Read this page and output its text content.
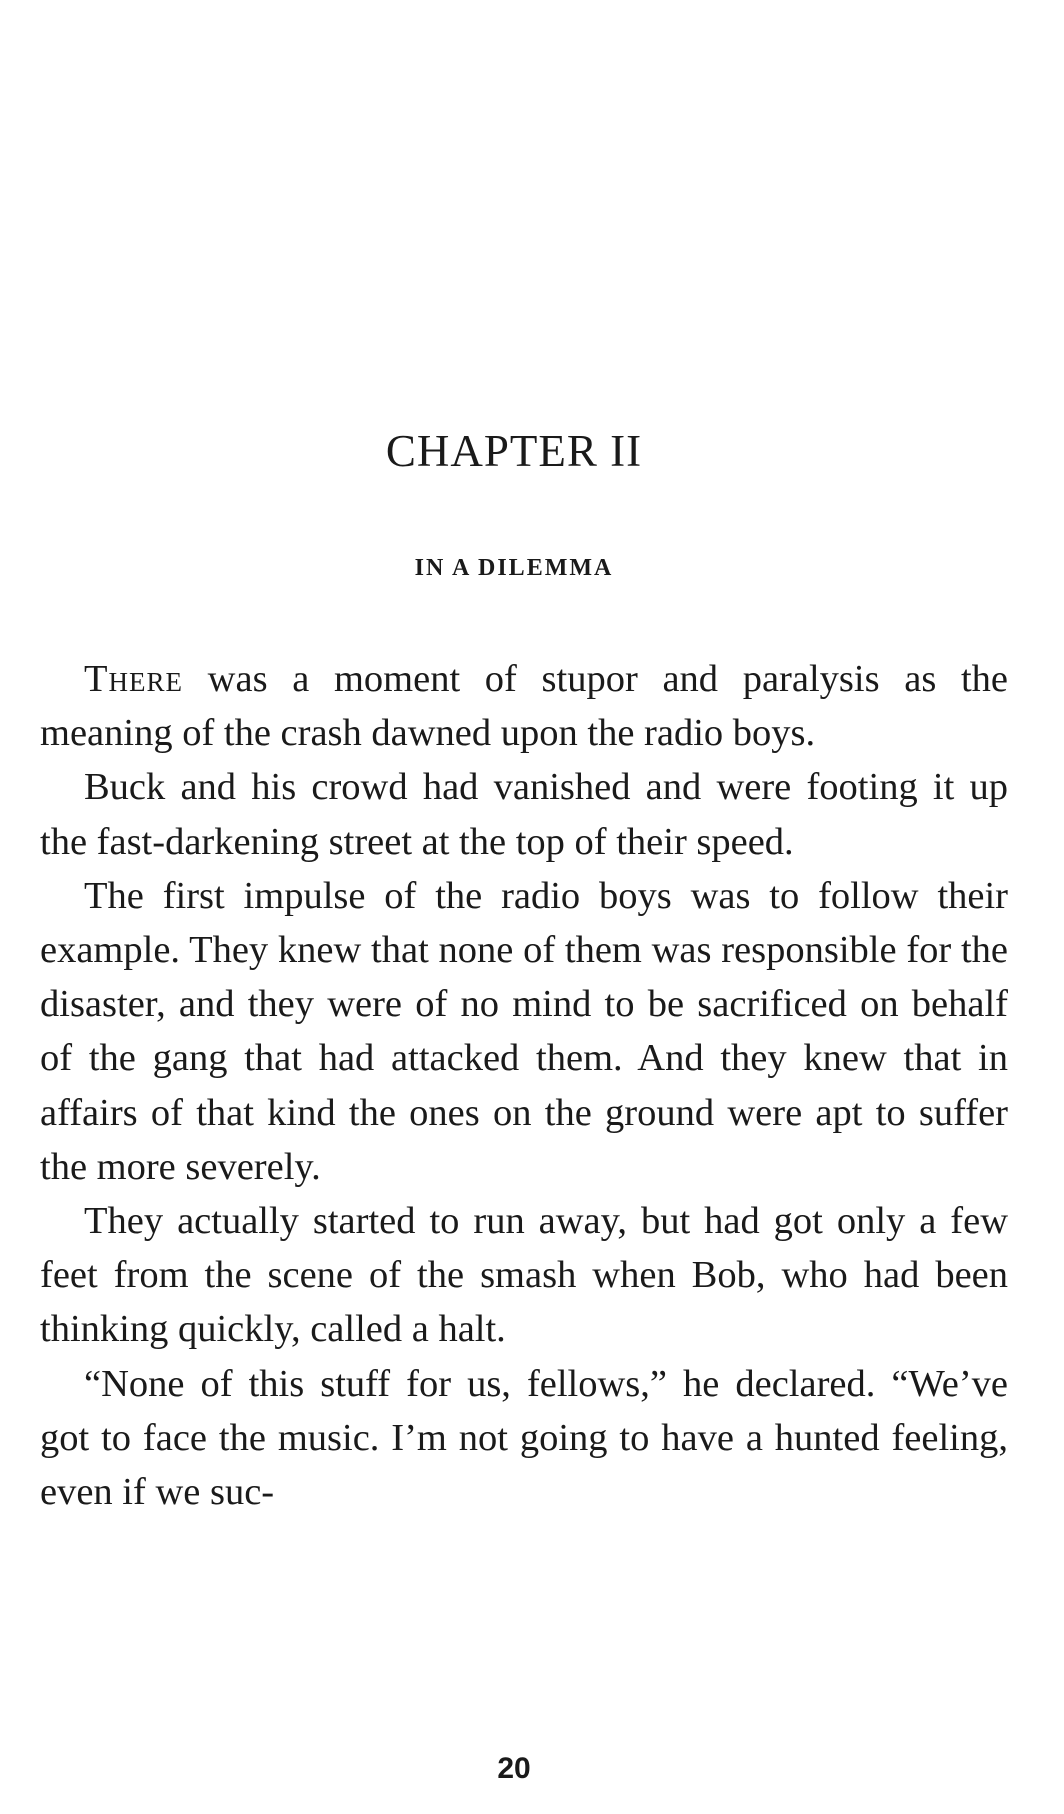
CHAPTER II
IN A DILEMMA

There was a moment of stupor and paralysis as the meaning of the crash dawned upon the radio boys.

Buck and his crowd had vanished and were footing it up the fast-darkening street at the top of their speed.

The first impulse of the radio boys was to follow their example. They knew that none of them was responsible for the disaster, and they were of no mind to be sacrificed on behalf of the gang that had attacked them. And they knew that in affairs of that kind the ones on the ground were apt to suffer the more severely.

They actually started to run away, but had got only a few feet from the scene of the smash when Bob, who had been thinking quickly, called a halt.

“None of this stuff for us, fellows,” he declared. “We’ve got to face the music. I’m not going to have a hunted feeling, even if we suc-

20
